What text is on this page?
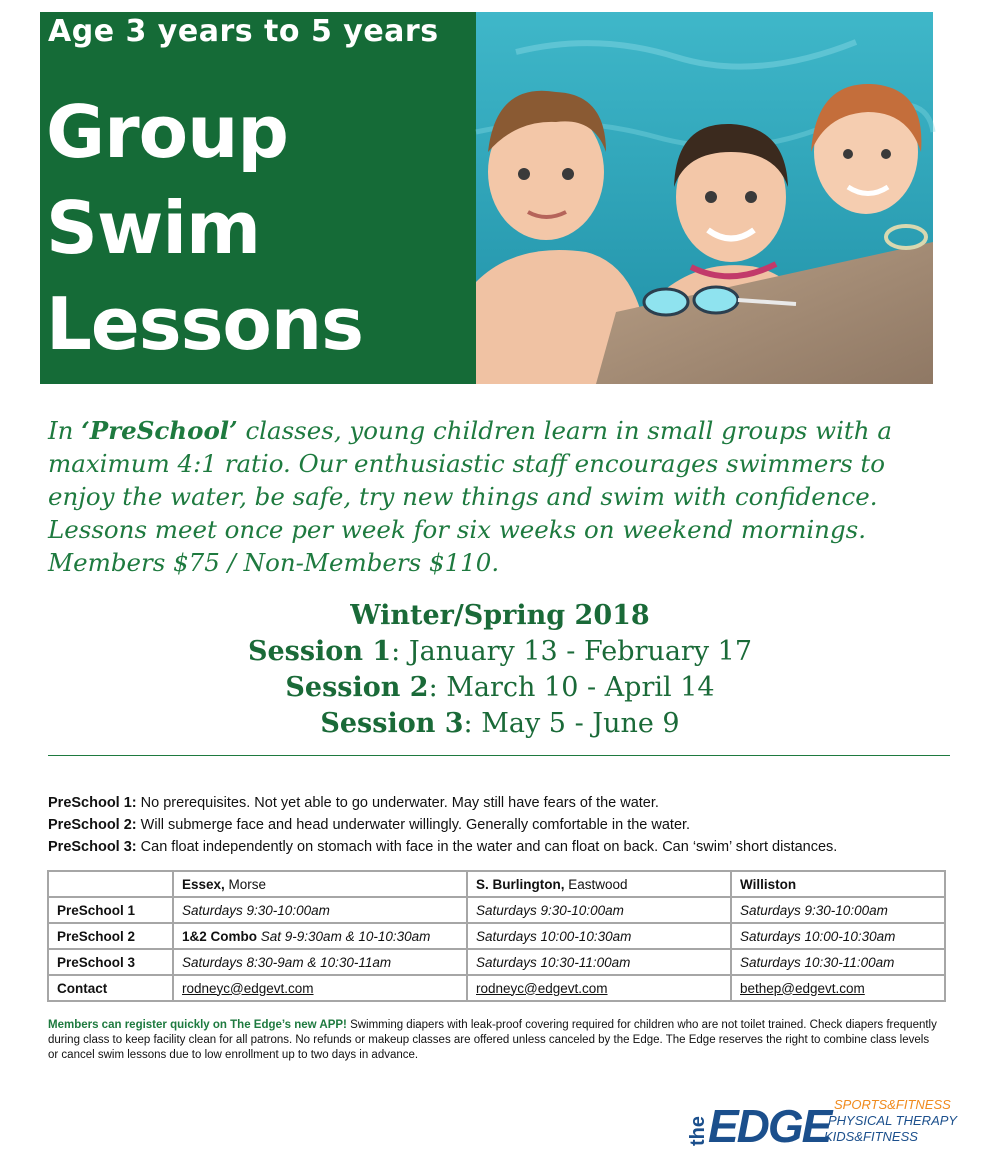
Age 3 years to 5 years
Group
Swim
Lessons
In ‘PreSchool’ classes, young children learn in small groups with a maximum 4:1 ratio. Our enthusiastic staff encourages swimmers to enjoy the water, be safe, try new things and swim with confidence. Lessons meet once per week for six weeks on weekend mornings. Members $75 / Non-Members $110.
Winter/Spring 2018
Session 1: January 13 - February 17
Session 2: March 10 - April 14
Session 3: May 5 - June 9
PreSchool 1: No prerequisites. Not yet able to go underwater. May still have fears of the water.
PreSchool 2: Will submerge face and head underwater willingly. Generally comfortable in the water.
PreSchool 3: Can float independently on stomach with face in the water and can float on back. Can ‘swim’ short distances.
	Essex, Morse	S. Burlington, Eastwood	Williston
PreSchool 1	Saturdays 9:30-10:00am	Saturdays 9:30-10:00am	Saturdays 9:30-10:00am
PreSchool 2	1&2 Combo Sat 9-9:30am & 10-10:30am	Saturdays 10:00-10:30am	Saturdays 10:00-10:30am
PreSchool 3	Saturdays 8:30-9am & 10:30-11am	Saturdays 10:30-11:00am	Saturdays 10:30-11:00am
Contact	rodneyc@edgevt.com	rodneyc@edgevt.com	bethep@edgevt.com
Members can register quickly on The Edge’s new APP! Swimming diapers with leak-proof covering required for children who are not toilet trained. Check diapers frequently during class to keep facility clean for all patrons. No refunds or makeup classes are offered unless canceled by the Edge. The Edge reserves the right to combine class levels or cancel swim lessons due to low enrollment up to two days in advance.
the EDGE SPORTS&FITNESS
PHYSICAL THERAPY
KIDS&FITNESS
